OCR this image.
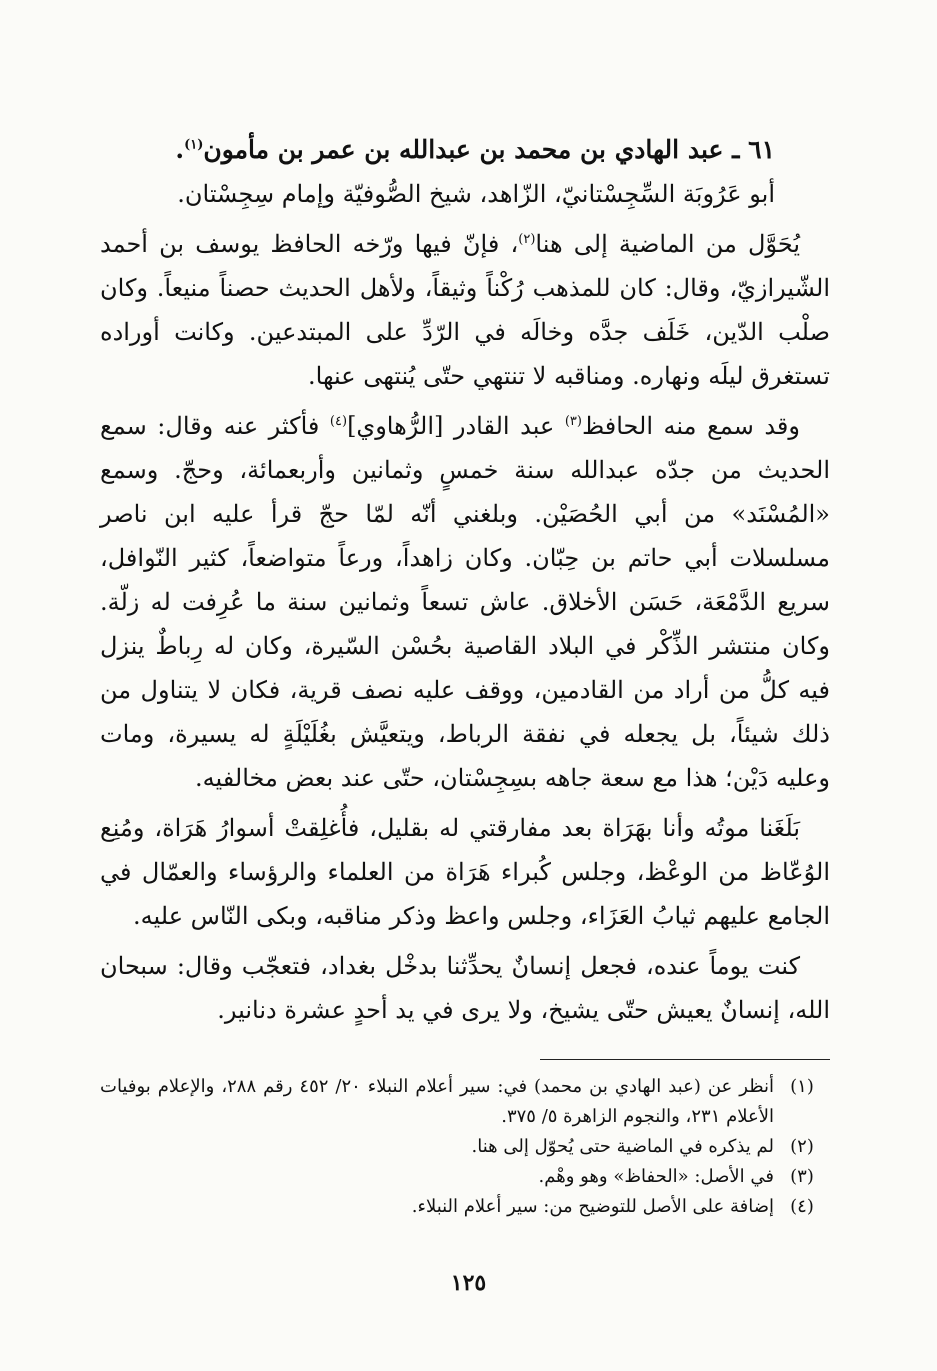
٦١ ـ عبد الهادي بن محمد بن عبدالله بن عمر بن مأمون$^{(١)}$.

أبو عَرُوبَة السِّجِسْتانيّ، الزّاهد، شيخ الصُّوفيّة وإمام سِجِسْتان.

يُحَوَّل من الماضية إلى هنا$^{(٢)}$، فإنّ فيها ورّخه الحافظ يوسف بن أحمد الشّيرازيّ، وقال: كان للمذهب رُكْناً وثيقاً، ولأهل الحديث حصناً منيعاً. وكان صلْب الدّين، خَلَف جدَّه وخالَه في الرّدِّ على المبتدعين. وكانت أوراده تستغرق ليلَه ونهاره. ومناقبه لا تنتهي حتّى يُنتهى عنها.

وقد سمع منه الحافظ$^{(٣)}$ عبد القادر [الرُّهاوي]$^{(٤)}$ فأكثر عنه وقال: سمع الحديث من جدّه عبدالله سنة خمسٍ وثمانين وأربعمائة، وحجّ. وسمع «المُسْنَد» من أبي الحُصَيْن. وبلغني أنّه لمّا حجّ قرأ عليه ابن ناصر مسلسلات أبي حاتم بن حِبّان. وكان زاهداً، ورعاً متواضعاً، كثير النّوافل، سريع الدَّمْعَة، حَسَن الأخلاق. عاش تسعاً وثمانين سنة ما عُرِفت له زلّة. وكان منتشر الذِّكْر في البلاد القاصية بحُسْن السّيرة، وكان له رِباطٌ ينزل فيه كلُّ من أراد من القادمين، ووقف عليه نصف قرية، فكان لا يتناول من ذلك شيئاً، بل يجعله في نفقة الرباط، ويتعيَّش بغُلَيْلَةٍ له يسيرة، ومات وعليه دَيْن؛ هذا مع سعة جاهه بسِجِسْتان، حتّى عند بعض مخالفيه.

بَلَغَنا موتُه وأنا بهَرَاة بعد مفارقتي له بقليل، فأُغلِقتْ أسوارُ هَرَاة، ومُنِع الوُعّاظ من الوعْظ، وجلس كُبراء هَرَاة من العلماء والرؤساء والعمّال في الجامع عليهم ثيابُ العَزَاء، وجلس واعظ وذكر مناقبه، وبكى النّاس عليه.

كنت يوماً عنده، فجعل إنسانٌ يحدِّثنا بدخْل بغداد، فتعجّب وقال: سبحان الله، إنسانٌ يعيش حتّى يشيخ، ولا يرى في يد أحدٍ عشرة دنانير.

(١)
أنظر عن (عبد الهادي بن محمد) في: سير أعلام النبلاء ٢٠/ ٤٥٢ رقم ٢٨٨، والإعلام بوفيات الأعلام ٢٣١، والنجوم الزاهرة ٥/ ٣٧٥.
(٢)
لم يذكره في الماضية حتى يُحوّل إلى هنا.
(٣)
في الأصل: «الحفاظ» وهو وهْم.
(٤)
إضافة على الأصل للتوضيح من: سير أعلام النبلاء.
١٢٥
